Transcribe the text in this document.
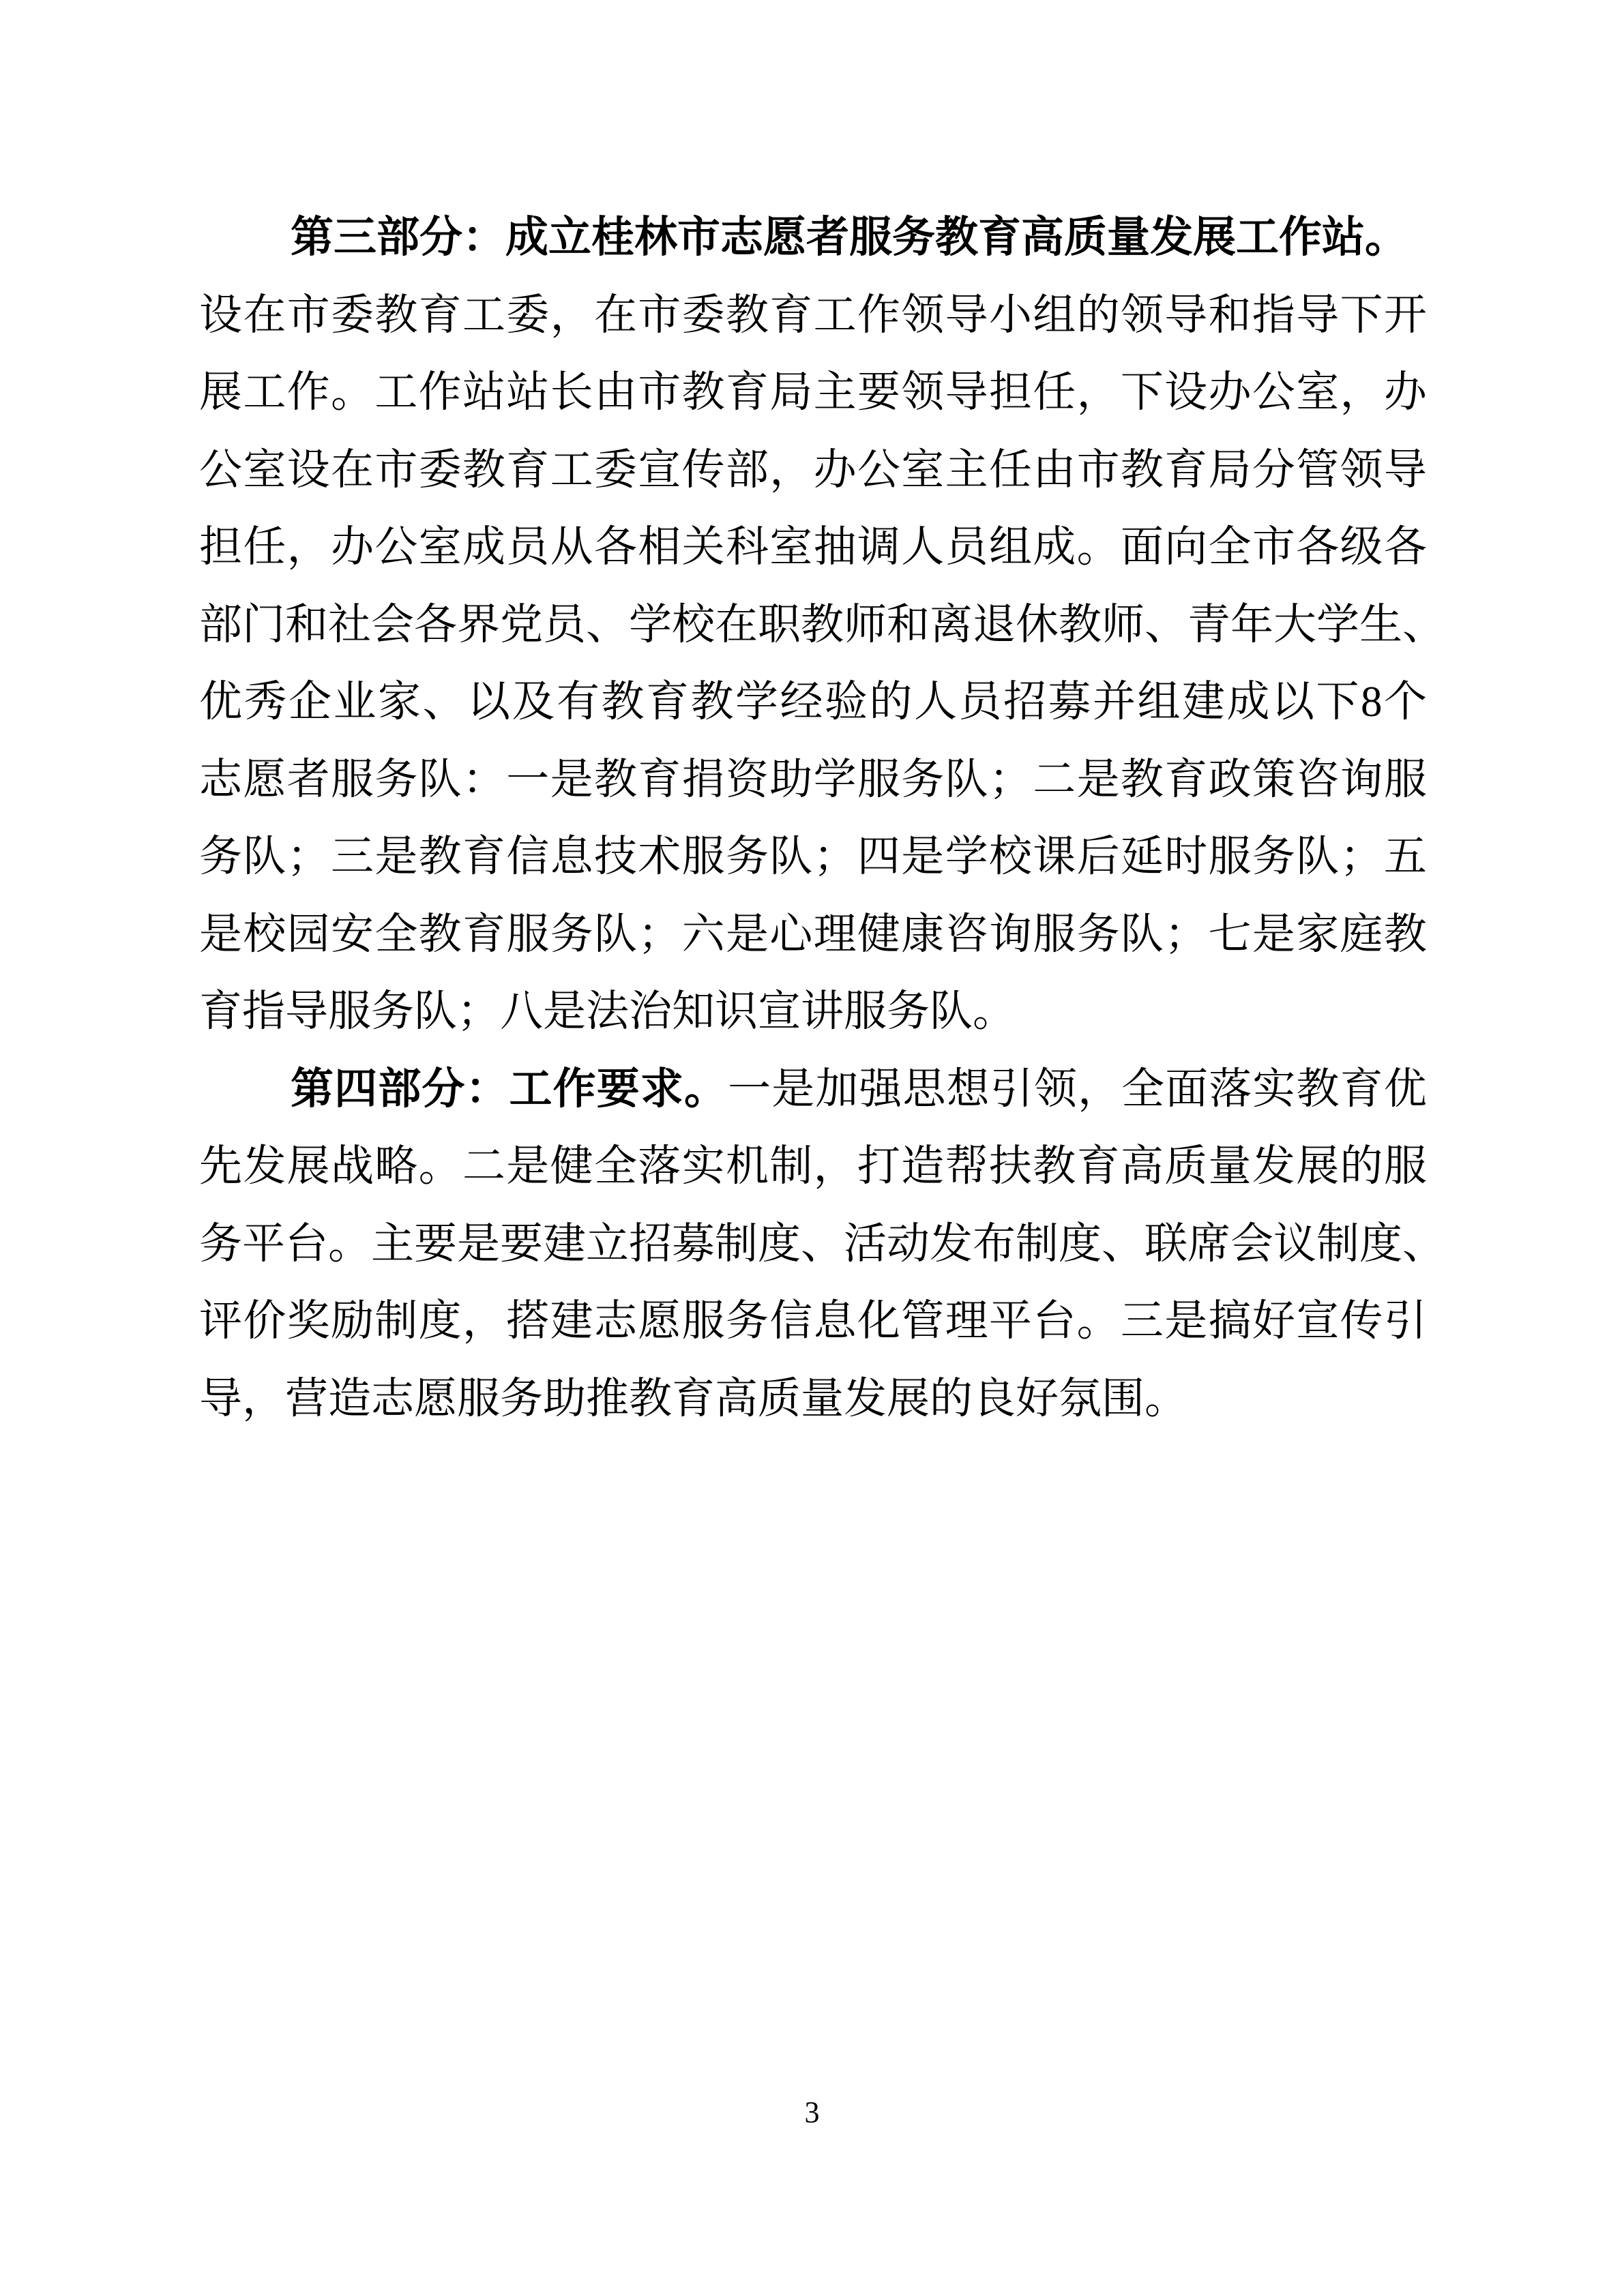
第 三 部 分 ： 成 立 桂 林 市 志 愿 者 服 务 教 育 高 质 量 发 展 工 作 站 。
设 在 市 委 教 育 工 委 ， 在 市 委 教 育 工 作 领 导 小 组 的 领 导 和 指 导 下 开
展 工 作 。 工 作 站 站 长 由 市 教 育 局 主 要 领 导 担 任 ， 下 设 办 公 室 ， 办
公 室 设 在 市 委 教 育 工 委 宣 传 部 ， 办 公 室 主 任 由 市 教 育 局 分 管 领 导
担 任 ， 办 公 室 成 员 从 各 相 关 科 室 抽 调 人 员 组 成 。 面 向 全 市 各 级 各
部 门 和 社 会 各 界 党 员 、 学 校 在 职 教 师 和 离 退 休 教 师 、 青 年 大 学 生 、
优 秀 企 业 家 、 以 及 有 教 育 教 学 经 验 的 人 员 招 募 并 组 建 成 以 下 8 个
志 愿 者 服 务 队 ： 一 是 教 育 捐 资 助 学 服 务 队 ； 二 是 教 育 政 策 咨 询 服
务 队 ； 三 是 教 育 信 息 技 术 服 务 队 ； 四 是 学 校 课 后 延 时 服 务 队 ； 五
是 校 园 安 全 教 育 服 务 队 ； 六 是 心 理 健 康 咨 询 服 务 队 ； 七 是 家 庭 教
育 指 导 服 务 队 ； 八 是 法 治 知 识 宣 讲 服 务 队 。
第 四 部 分 ： 工 作 要 求 。 一 是 加 强 思 想 引 领 ， 全 面 落 实 教 育 优
先 发 展 战 略 。 二 是 健 全 落 实 机 制 ， 打 造 帮 扶 教 育 高 质 量 发 展 的 服
务 平 台 。 主 要 是 要 建 立 招 募 制 度 、 活 动 发 布 制 度 、 联 席 会 议 制 度 、
评 价 奖 励 制 度 ， 搭 建 志 愿 服 务 信 息 化 管 理 平 台 。 三 是 搞 好 宣 传 引
导 ， 营 造 志 愿 服 务 助 推 教 育 高 质 量 发 展 的 良 好 氛 围 。
3
